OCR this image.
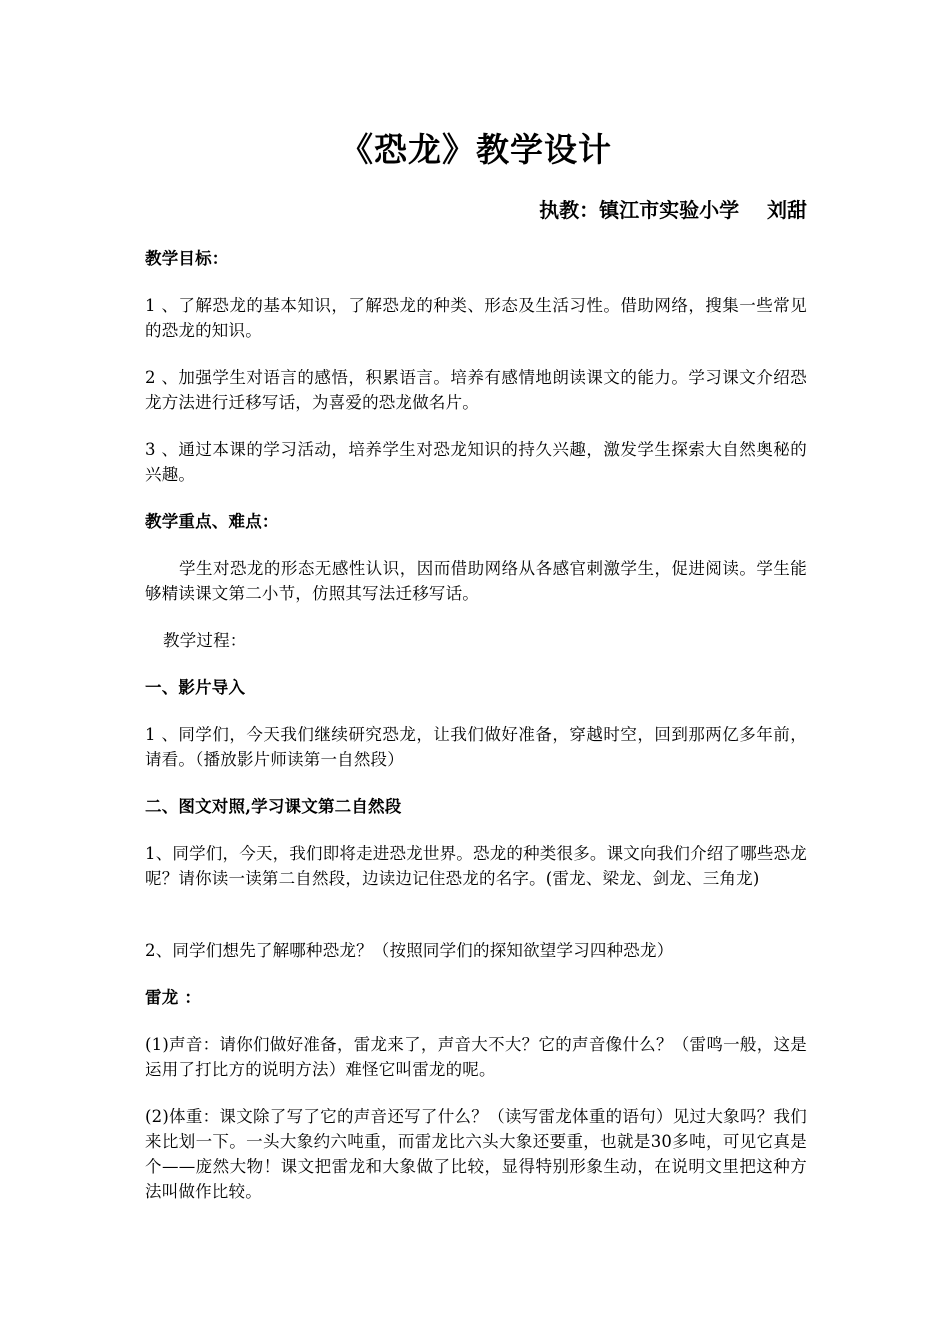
《恐龙》教学设计
执教：镇江市实验小学    刘甜
教学目标：
1 、了解恐龙的基本知识，了解恐龙的种类、形态及生活习性。借助网络，搜集一些常见的恐龙的知识。
2 、加强学生对语言的感悟，积累语言。培养有感情地朗读课文的能力。学习课文介绍恐龙方法进行迁移写话，为喜爱的恐龙做名片。
3 、通过本课的学习活动，培养学生对恐龙知识的持久兴趣，激发学生探索大自然奥秘的兴趣。
教学重点、难点：
学生对恐龙的形态无感性认识，因而借助网络从各感官刺激学生，促进阅读。学生能够精读课文第二小节，仿照其写法迁移写话。
教学过程：
一、影片导入
1 、同学们，今天我们继续研究恐龙，让我们做好准备，穿越时空，回到那两亿多年前，请看。（播放影片师读第一自然段）
二、图文对照,学习课文第二自然段
1、同学们，今天，我们即将走进恐龙世界。恐龙的种类很多。课文向我们介绍了哪些恐龙呢？请你读一读第二自然段，边读边记住恐龙的名字。(雷龙、梁龙、剑龙、三角龙)
2、同学们想先了解哪种恐龙？（按照同学们的探知欲望学习四种恐龙）
雷龙 ：
(1)声音：请你们做好准备，雷龙来了，声音大不大？它的声音像什么？（雷鸣一般，这是运用了打比方的说明方法）难怪它叫雷龙的呢。
(2)体重：课文除了写了它的声音还写了什么？（读写雷龙体重的语句）见过大象吗？我们来比划一下。一头大象约六吨重，而雷龙比六头大象还要重，也就是30多吨，可见它真是个——庞然大物！课文把雷龙和大象做了比较，显得特别形象生动，在说明文里把这种方法叫做作比较。
